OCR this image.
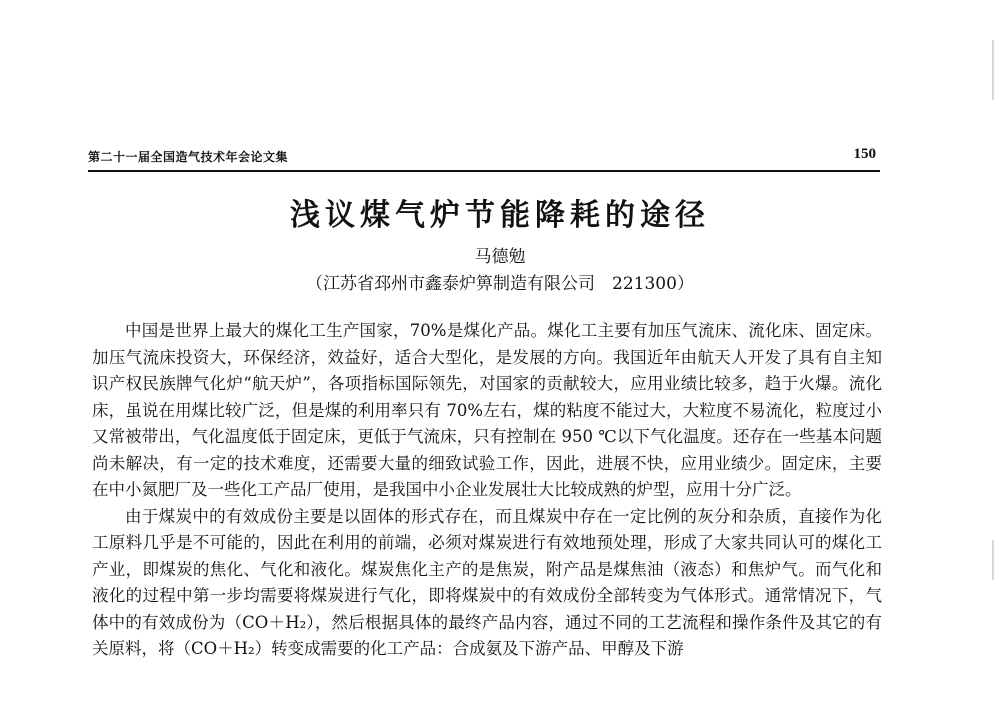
第二十一届全国造气技术年会论文集	150
浅议煤气炉节能降耗的途径
马德勉
（江苏省邳州市鑫泰炉箅制造有限公司　221300）

中国是世界上最大的煤化工生产国家，70%是煤化产品。煤化工主要有加压气流床、流化床、固定床。加压气流床投资大，环保经济，效益好，适合大型化，是发展的方向。我国近年由航天人开发了具有自主知识产权民族牌气化炉“航天炉”，各项指标国际领先，对国家的贡献较大，应用业绩比较多，趋于火爆。流化床，虽说在用煤比较广泛，但是煤的利用率只有 70%左右，煤的粘度不能过大，大粒度不易流化，粒度过小又常被带出，气化温度低于固定床，更低于气流床，只有控制在 950 ℃以下气化温度。还存在一些基本问题尚未解决，有一定的技术难度，还需要大量的细致试验工作，因此，进展不快，应用业绩少。固定床，主要在中小氮肥厂及一些化工产品厂使用，是我国中小企业发展壮大比较成熟的炉型，应用十分广泛。

由于煤炭中的有效成份主要是以固体的形式存在，而且煤炭中存在一定比例的灰分和杂质，直接作为化工原料几乎是不可能的，因此在利用的前端，必须对煤炭进行有效地预处理，形成了大家共同认可的煤化工产业，即煤炭的焦化、气化和液化。煤炭焦化主产的是焦炭，附产品是煤焦油（液态）和焦炉气。而气化和液化的过程中第一步均需要将煤炭进行气化，即将煤炭中的有效成份全部转变为气体形式。通常情况下，气体中的有效成份为（CO＋H₂），然后根据具体的最终产品内容，通过不同的工艺流程和操作条件及其它的有关原料，将（CO＋H₂）转变成需要的化工产品：合成氨及下游产品、甲醇及下游
